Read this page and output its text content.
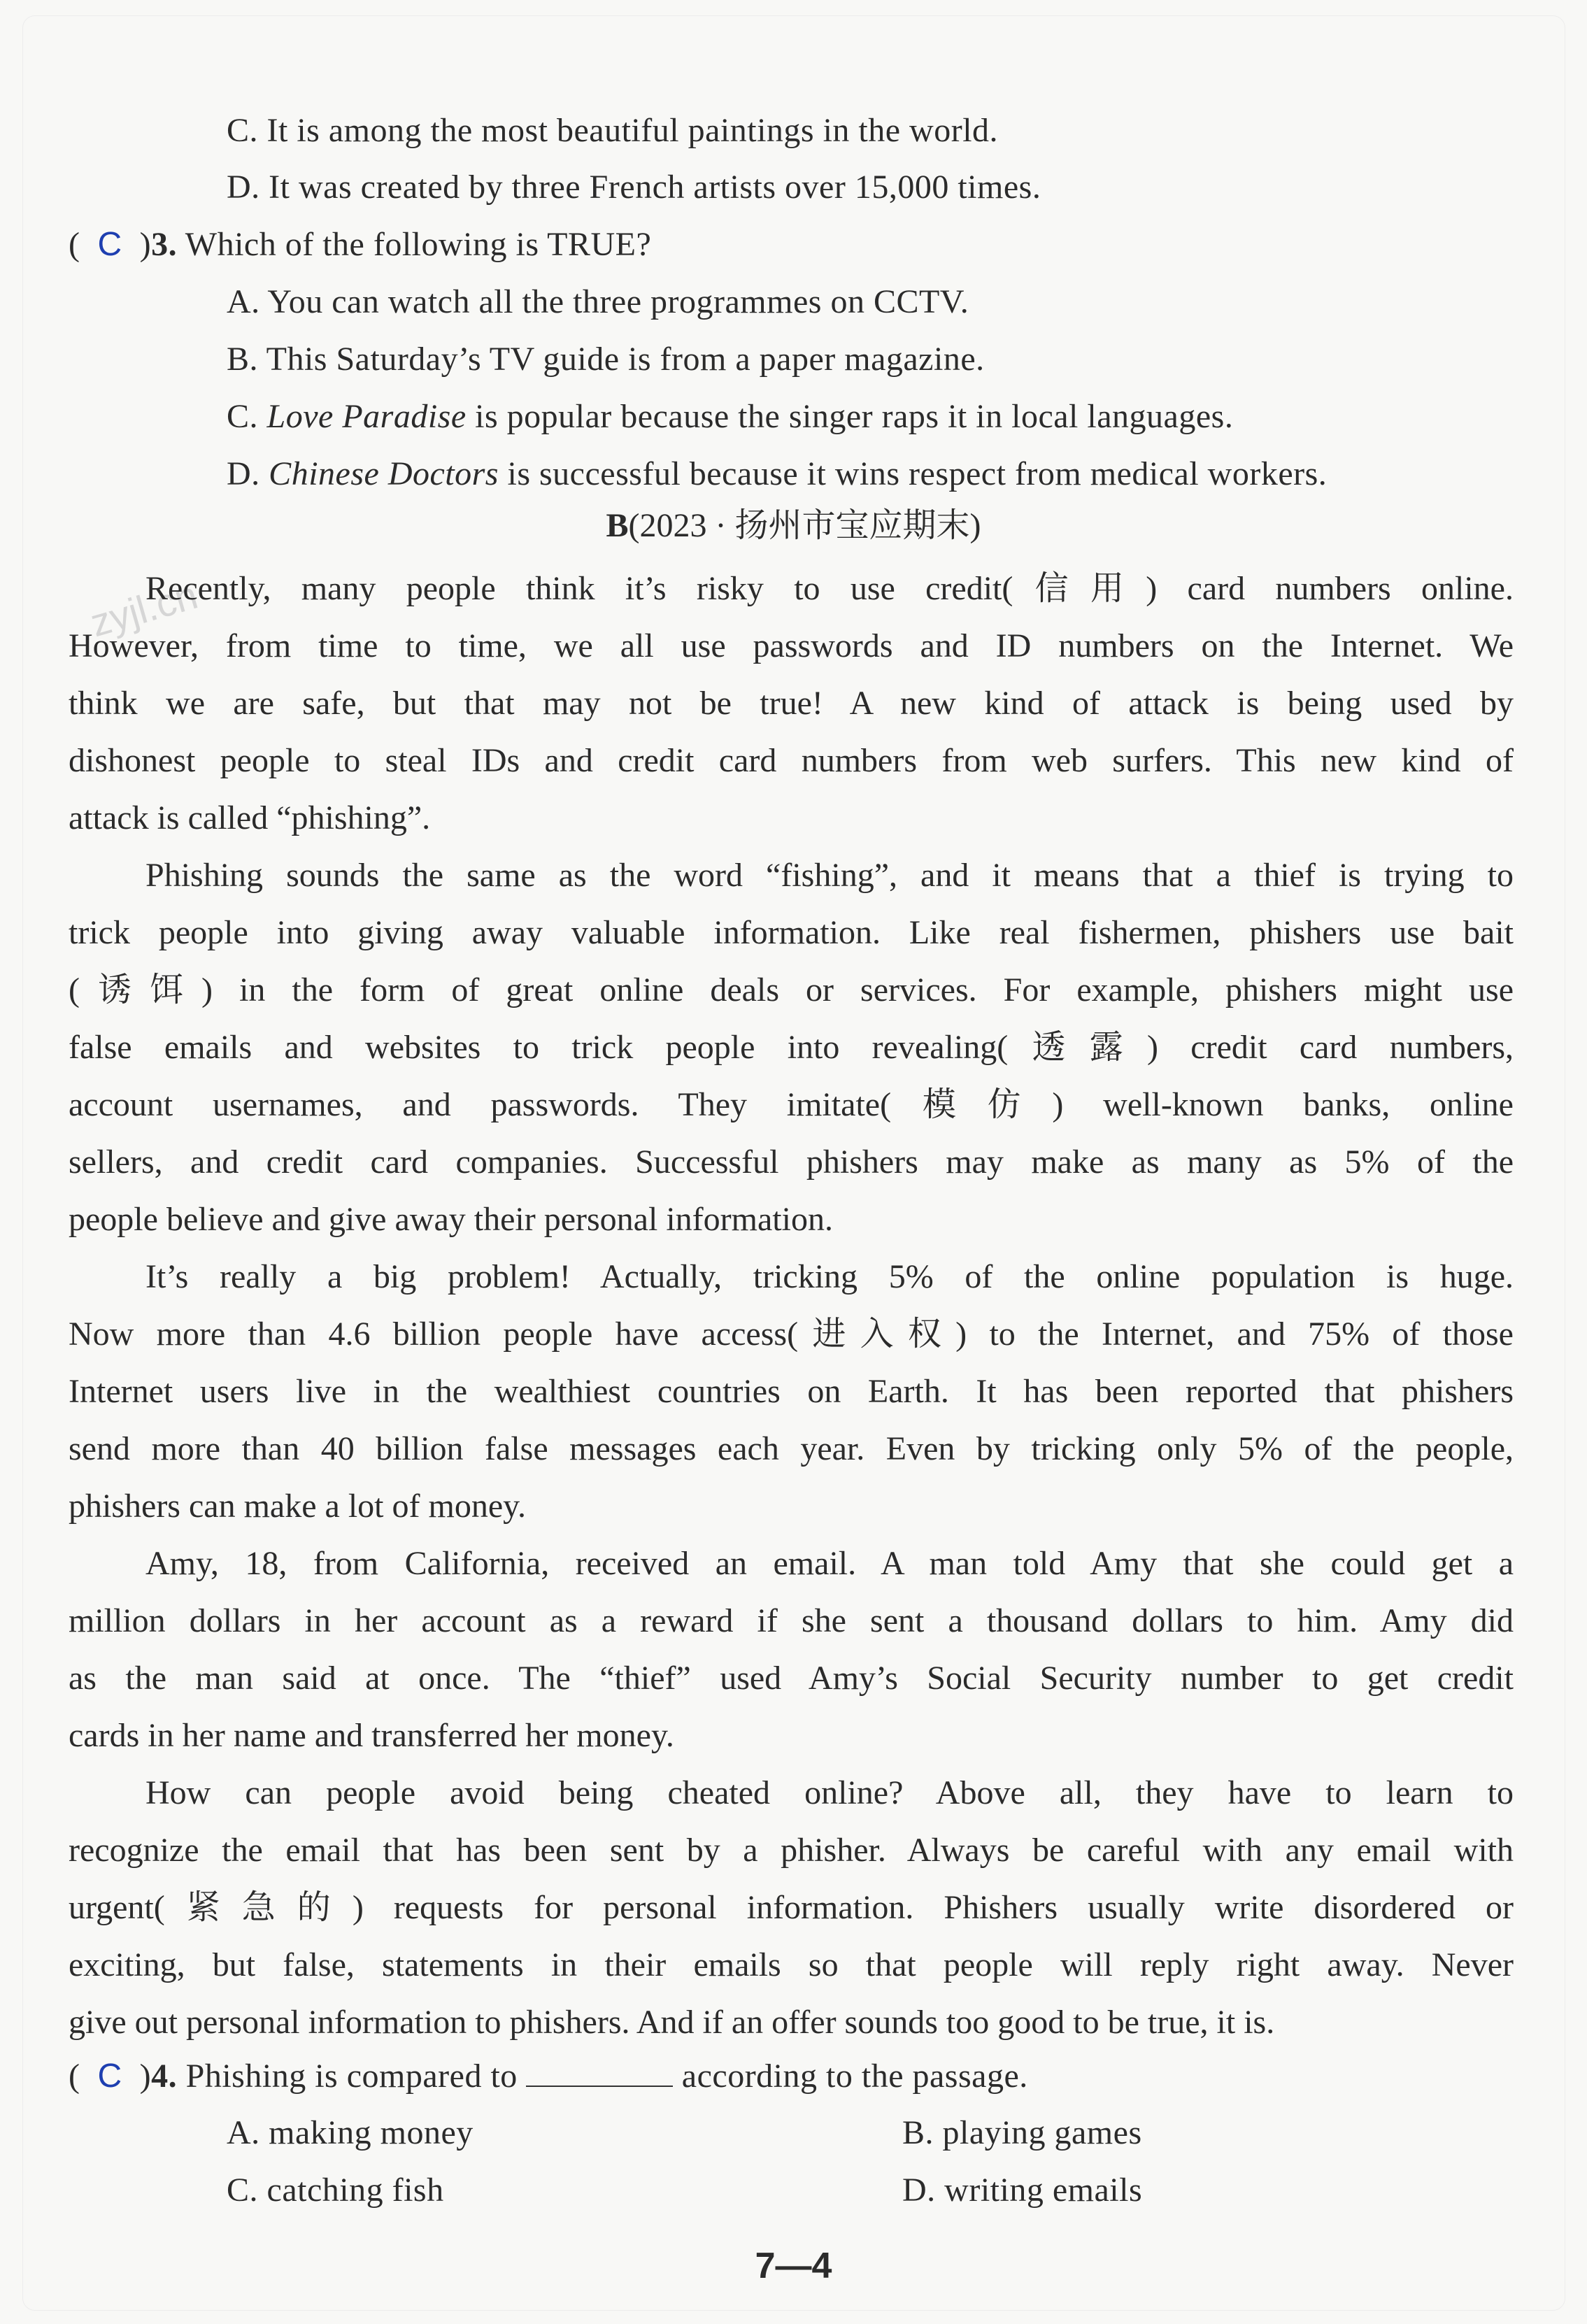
C. It is among the most beautiful paintings in the world.
D. It was created by three French artists over 15,000 times.
( C )3. Which of the following is TRUE?
A. You can watch all the three programmes on CCTV.
B. This Saturday’s TV guide is from a paper magazine.
C. Love Paradise is popular because the singer raps it in local languages.
D. Chinese Doctors is successful because it wins respect from medical workers.
B(2023 · 扬州市宝应期末)
zyjl.cn
Recently, many people think it’s risky to use credit(信用) card numbers online.
However, from time to time, we all use passwords and ID numbers on the Internet. We
think we are safe, but that may not be true! A new kind of attack is being used by
dishonest people to steal IDs and credit card numbers from web surfers. This new kind of
attack is called “phishing”.
Phishing sounds the same as the word “fishing”, and it means that a thief is trying to
trick people into giving away valuable information. Like real fishermen, phishers use bait
(诱饵) in the form of great online deals or services. For example, phishers might use
false emails and websites to trick people into revealing(透露) credit card numbers,
account usernames, and passwords. They imitate(模仿) well-known banks, online
sellers, and credit card companies. Successful phishers may make as many as 5% of the
people believe and give away their personal information.
It’s really a big problem! Actually, tricking 5% of the online population is huge.
Now more than 4.6 billion people have access(进入权) to the Internet, and 75% of those
Internet users live in the wealthiest countries on Earth. It has been reported that phishers
send more than 40 billion false messages each year. Even by tricking only 5% of the people,
phishers can make a lot of money.
Amy, 18, from California, received an email. A man told Amy that she could get a
million dollars in her account as a reward if she sent a thousand dollars to him. Amy did
as the man said at once. The “thief” used Amy’s Social Security number to get credit
cards in her name and transferred her money.
How can people avoid being cheated online? Above all, they have to learn to
recognize the email that has been sent by a phisher. Always be careful with any email with
urgent(紧急的) requests for personal information. Phishers usually write disordered or
exciting, but false, statements in their emails so that people will reply right away. Never
give out personal information to phishers. And if an offer sounds too good to be true, it is.
( C )4. Phishing is compared to	according to the passage.
A. making money	B. playing games
C. catching fish	D. writing emails
7—4
